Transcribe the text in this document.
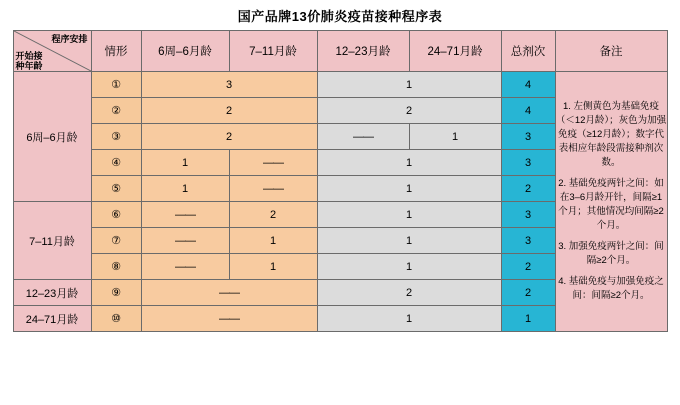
国产品牌13价肺炎疫苗接种程序表
程序安排
开始接
种年龄	情形	6周–6月龄	7–11月龄	12–23月龄	24–71月龄	总剂次	备注
6周–6月龄	①	3		1		4	1. 左侧黄色为基础免疫（＜12月龄）；灰色为加强免疫（≥12月龄）；数字代表相应年龄段需接种剂次数。

2. 基础免疫两针之间：如在3–6月龄开针，间隔≥1个月；其他情况均间隔≥2个月。

3. 加强免疫两针之间：间隔≥2个月。

4. 基础免疫与加强免疫之间：间隔≥2个月。

	②	2		2		4	
	③	2		——	1	3	
	④	1	——	1		3	
	⑤	1	——	1		2	
7–11月龄	⑥	——	2	1		3	
	⑦	——	1	1		3	
	⑧	——	1	1		2	
12–23月龄	⑨	——		2		2	
24–71月龄	⑩	——		1		1	
